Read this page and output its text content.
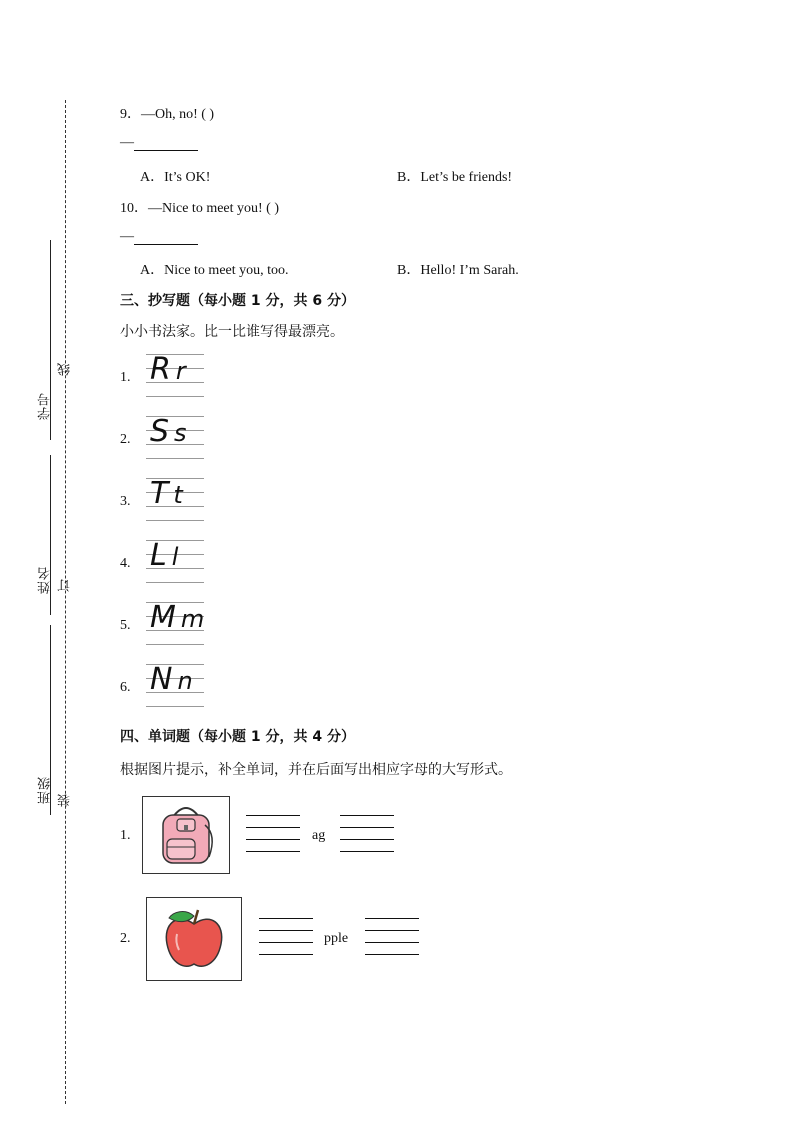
学号
姓名
班级
线
订
装
9．—Oh, no! ( )
—
A．It’s OK!	B．Let’s be friends!
10．—Nice to meet you! ( )
—
A．Nice to meet you, too.	B．Hello! I’m Sarah.
三、抄写题（每小题 1 分，共 6 分）
小小书法家。比一比谁写得最漂亮。
1. R r
2. S s
3. T t
4. L l
5. M m
6. N n
四、单词题（每小题 1 分，共 4 分）
根据图片提示，补全单词，并在后面写出相应字母的大写形式。
1.	ag
2.	pple
